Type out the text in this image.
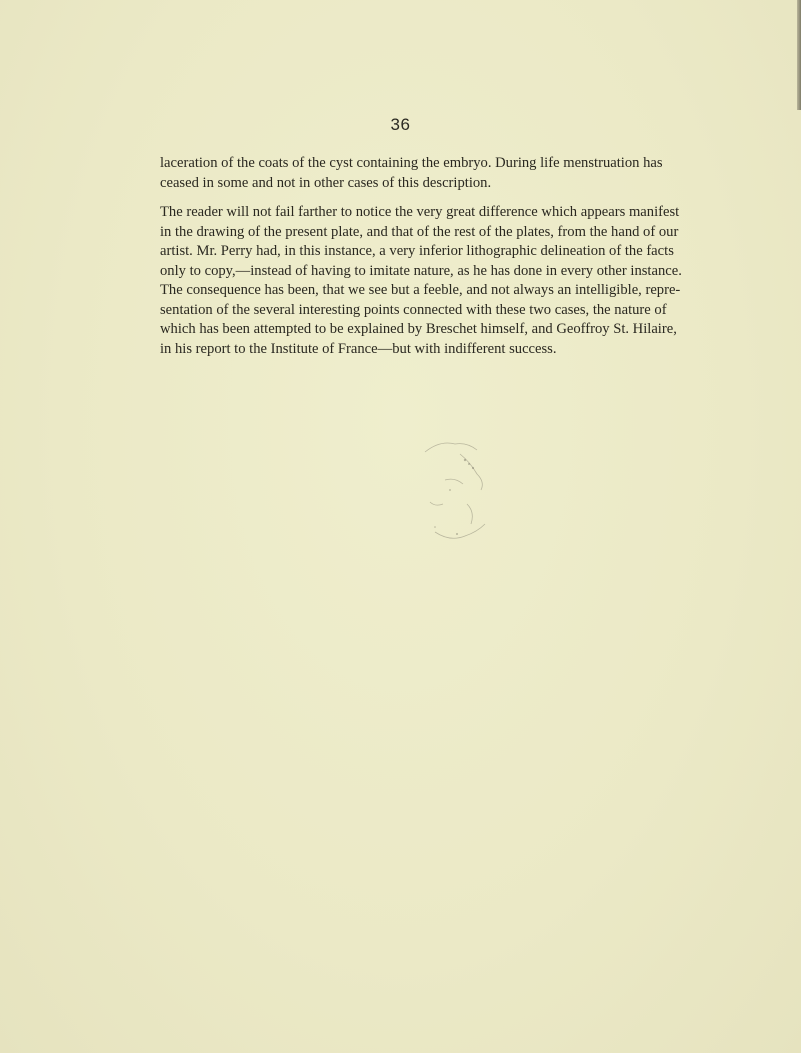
36
laceration of the coats of the cyst containing the embryo. During life menstruation has
ceased in some and not in other cases of this description.
The reader will not fail farther to notice the very great difference which appears manifest
in the drawing of the present plate, and that of the rest of the plates, from the hand of our
artist. Mr. Perry had, in this instance, a very inferior lithographic delineation of the facts
only to copy,—instead of having to imitate nature, as he has done in every other instance.
The consequence has been, that we see but a feeble, and not always an intelligible, repre-
sentation of the several interesting points connected with these two cases, the nature of
which has been attempted to be explained by Breschet himself, and Geoffroy St. Hilaire,
in his report to the Institute of France—but with indifferent success.
